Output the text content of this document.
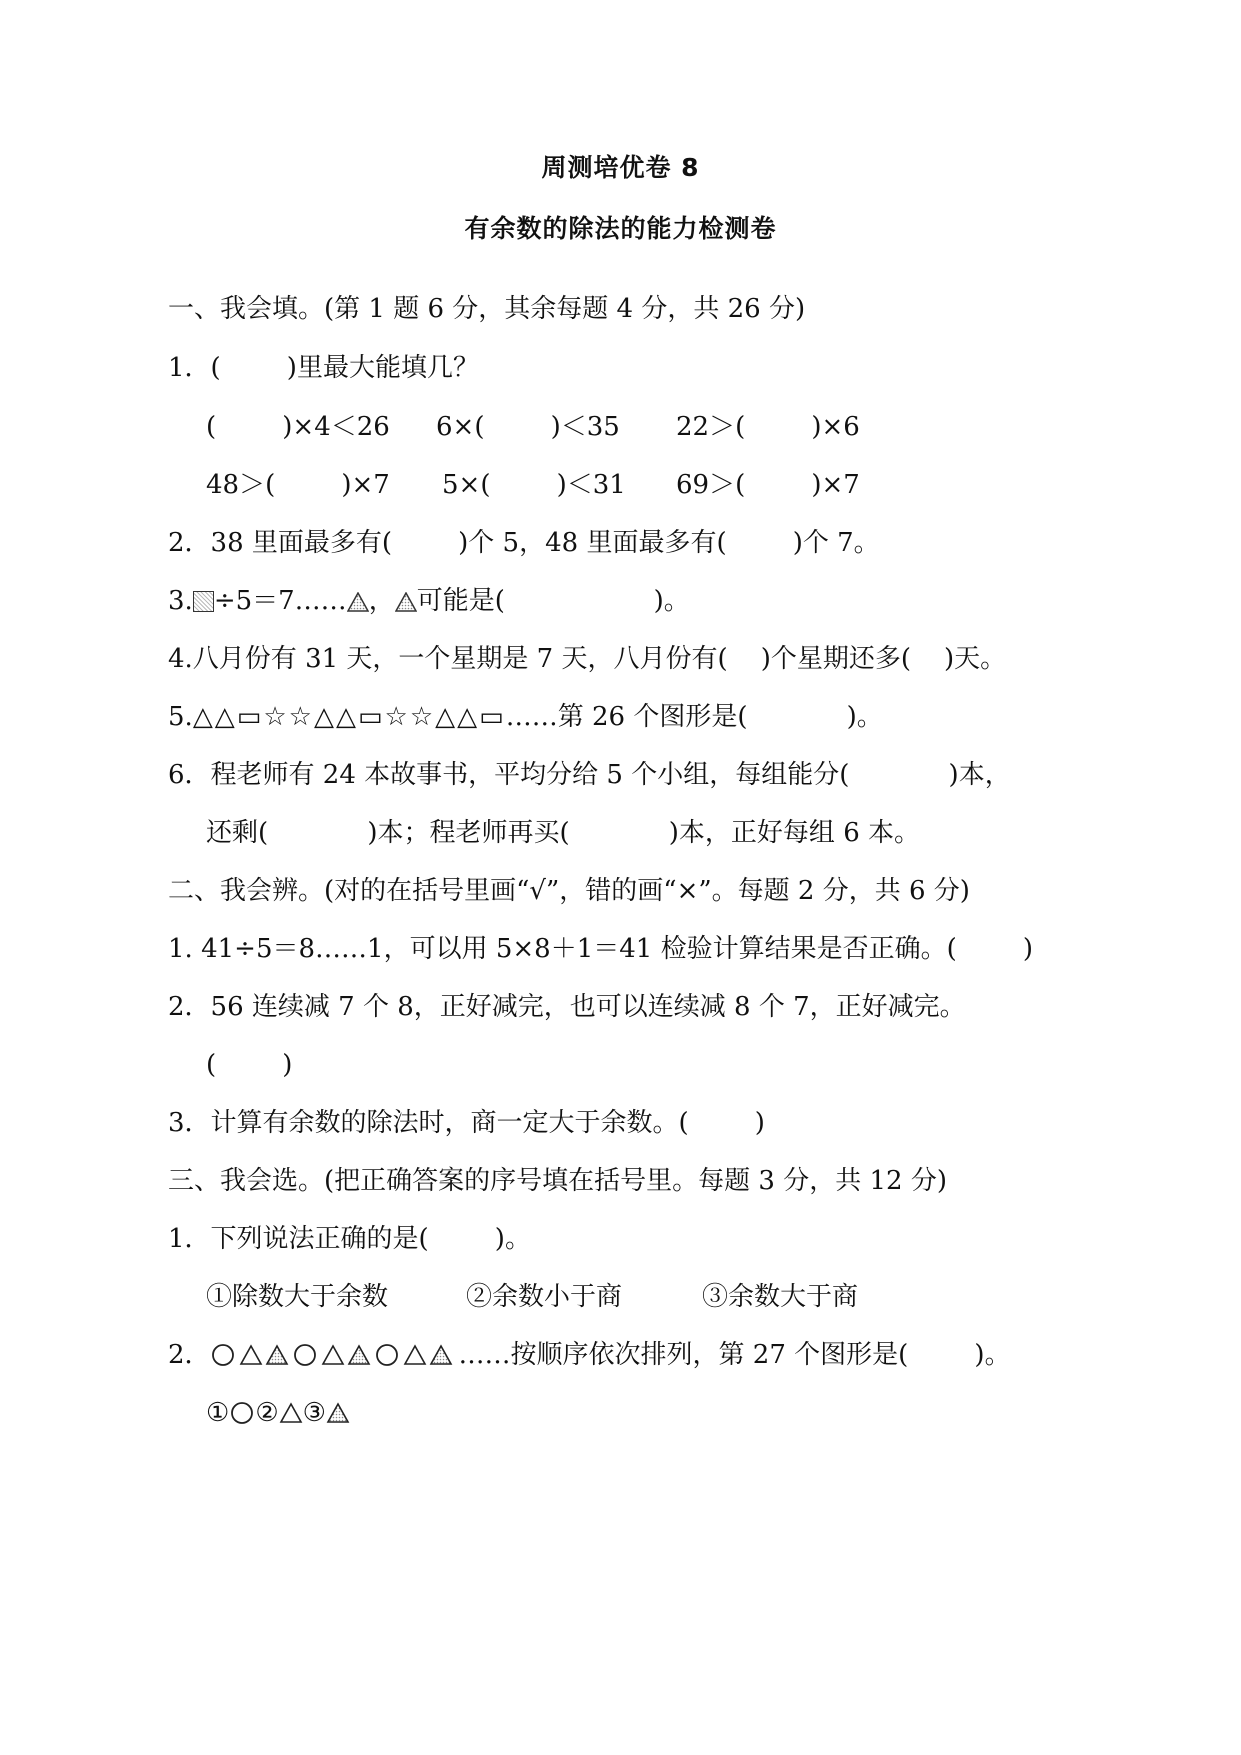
周测培优卷 8
有余数的除法的能力检测卷
一、我会填。(第 1 题 6 分，其余每题 4 分，共 26 分)
1．(        )里最大能填几？
(        )×4＜26 6×(        )＜35 22＞(        )×6
48＞(        )×7 5×(        )＜31 69＞(        )×7
2．38 里面最多有(        )个 5，48 里面最多有(        )个 7。
3. ÷5＝7…… ， 可能是(                  )。
4.八月份有 31 天，一个星期是 7 天，八月份有(    )个星期还多(    )天。
5.△△▭☆☆△△▭☆☆△△▭……第 26 个图形是(            )。
6．程老师有 24 本故事书，平均分给 5 个小组，每组能分(            )本，
还剩(            )本；程老师再买(            )本，正好每组 6 本。
二、我会辨。(对的在括号里画“√”，错的画“×”。每题 2 分，共 6 分)
1. 41÷5＝8……1，可以用 5×8＋1＝41 检验计算结果是否正确。(        )
2．56 连续减 7 个 8，正好减完，也可以连续减 8 个 7，正好减完。
(        )
3．计算有余数的除法时，商一定大于余数。(        )
三、我会选。(把正确答案的序号填在括号里。每题 3 分，共 12 分)
1．下列说法正确的是(        )。
①除数大于余数	②余数小于商	③余数大于商
2．	……按顺序依次排列，第 27 个图形是(        )。
① ② ③
